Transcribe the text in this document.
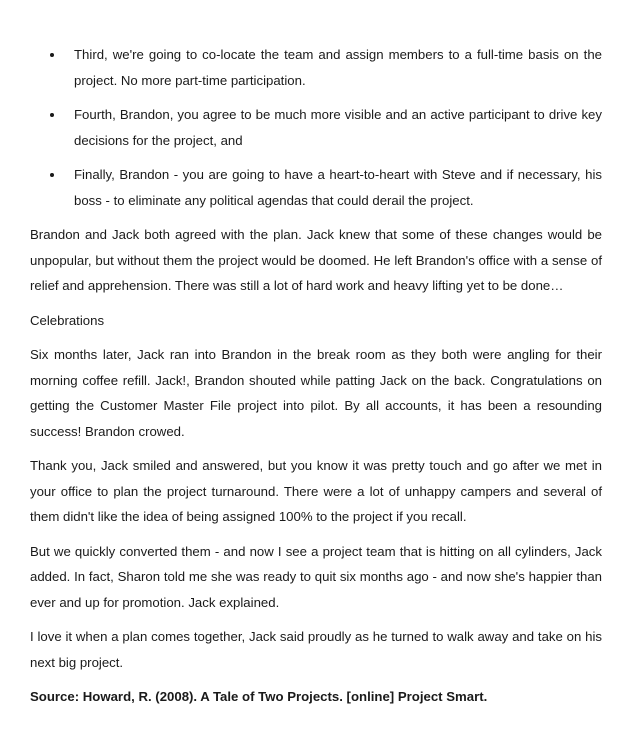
Third, we're going to co-locate the team and assign members to a full-time basis on the project. No more part-time participation.
Fourth, Brandon, you agree to be much more visible and an active participant to drive key decisions for the project, and
Finally, Brandon - you are going to have a heart-to-heart with Steve and if necessary, his boss - to eliminate any political agendas that could derail the project.

Brandon and Jack both agreed with the plan. Jack knew that some of these changes would be unpopular, but without them the project would be doomed. He left Brandon's office with a sense of relief and apprehension. There was still a lot of hard work and heavy lifting yet to be done…

Celebrations

Six months later, Jack ran into Brandon in the break room as they both were angling for their morning coffee refill. Jack!, Brandon shouted while patting Jack on the back. Congratulations on getting the Customer Master File project into pilot. By all accounts, it has been a resounding success! Brandon crowed.

Thank you, Jack smiled and answered, but you know it was pretty touch and go after we met in your office to plan the project turnaround. There were a lot of unhappy campers and several of them didn't like the idea of being assigned 100% to the project if you recall.

But we quickly converted them - and now I see a project team that is hitting on all cylinders, Jack added. In fact, Sharon told me she was ready to quit six months ago - and now she's happier than ever and up for promotion. Jack explained.

I love it when a plan comes together, Jack said proudly as he turned to walk away and take on his next big project.

Source: Howard, R. (2008). A Tale of Two Projects. [online] Project Smart.
